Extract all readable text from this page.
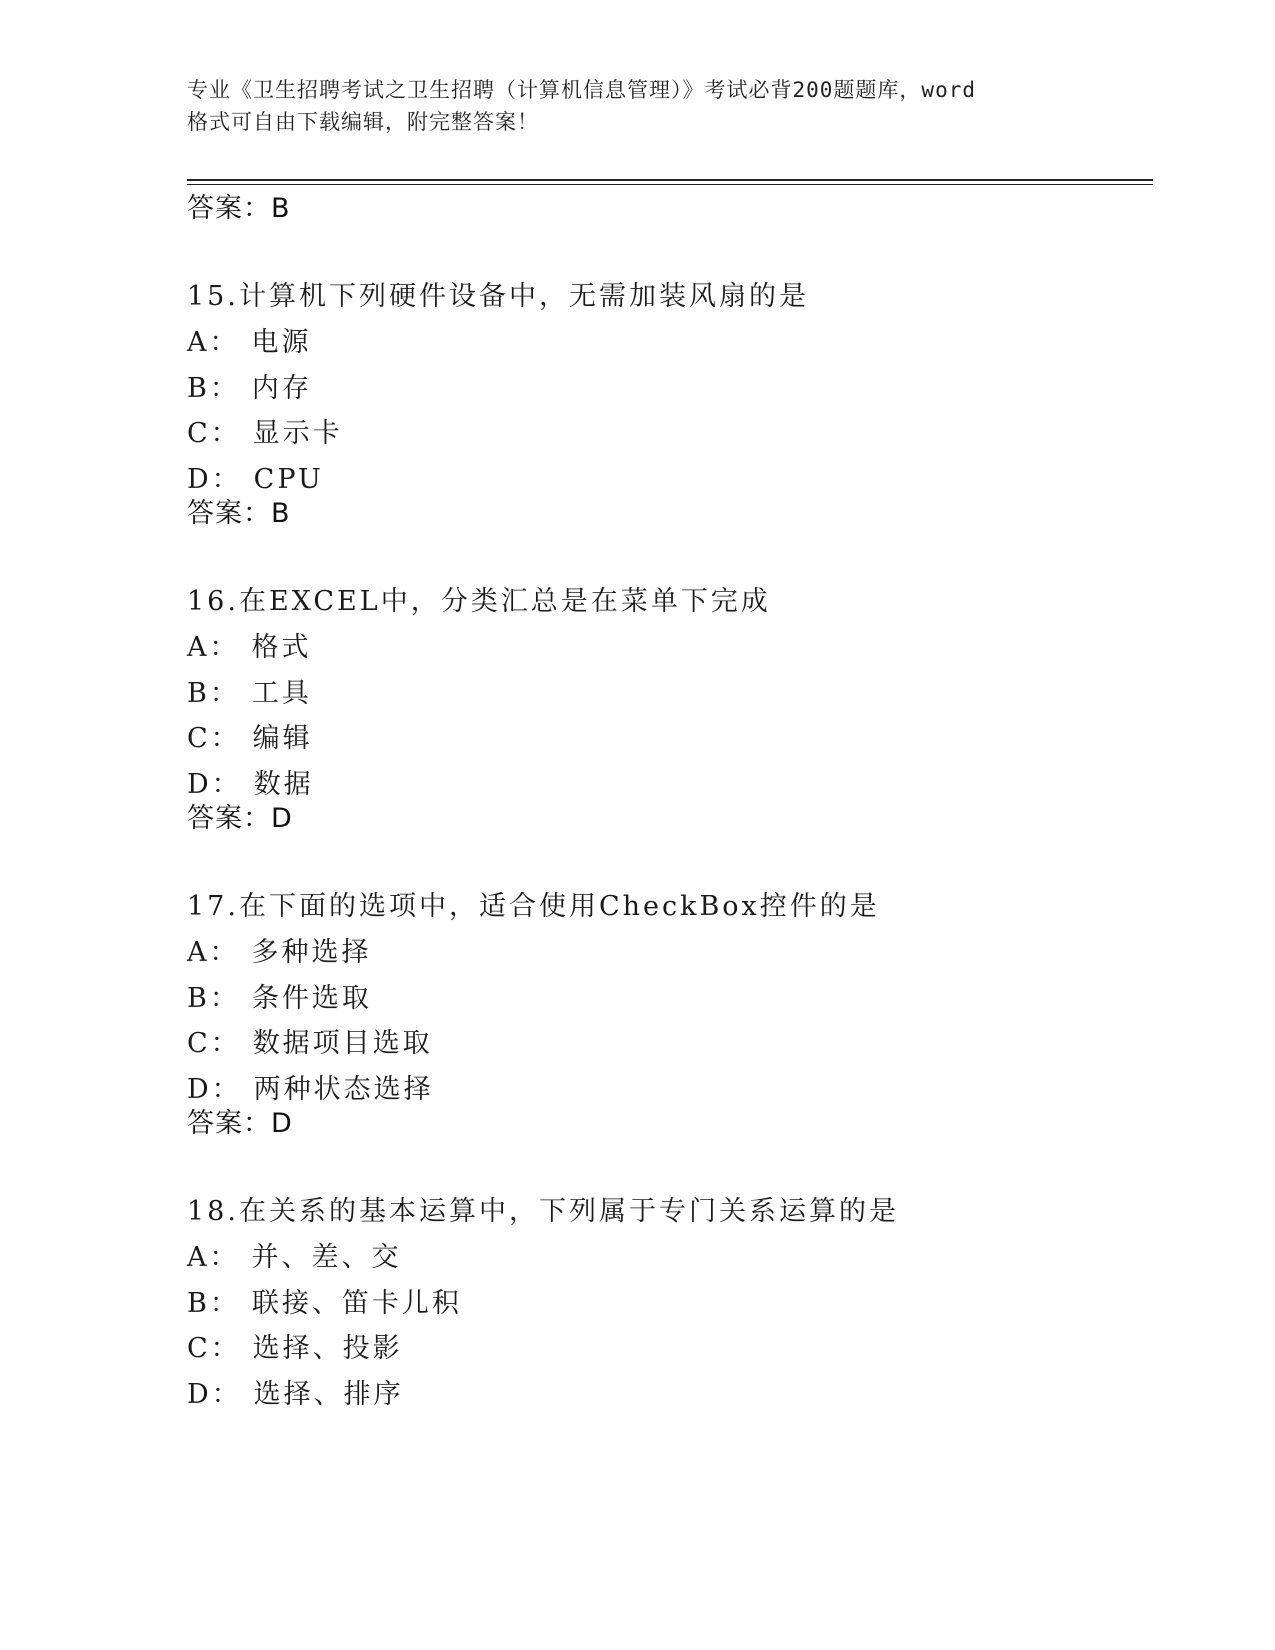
专业《卫生招聘考试之卫生招聘（计算机信息管理）》考试必背200题题库，word
格式可自由下载编辑，附完整答案！
答案：B
15.计算机下列硬件设备中，无需加装风扇的是
A： 电源
B： 内存
C： 显示卡
D： CPU
答案：B
16.在EXCEL中，分类汇总是在菜单下完成
A： 格式
B： 工具
C： 编辑
D： 数据
答案：D
17.在下面的选项中，适合使用CheckBox控件的是
A： 多种选择
B： 条件选取
C： 数据项目选取
D： 两种状态选择
答案：D
18.在关系的基本运算中，下列属于专门关系运算的是
A： 并、差、交
B： 联接、笛卡儿积
C： 选择、投影
D： 选择、排序
